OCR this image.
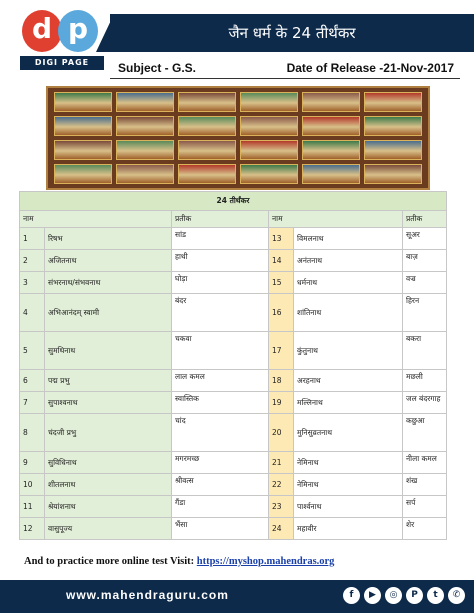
d p
DIGI PAGE
जैन धर्म के 24 तीर्थंकर
Subject - G.S.	Date of Release -21-Nov-2017
24 तीर्थंकर					
नाम		प्रतीक	नाम		प्रतीक
1	रिषभ	सांड	13	विमलनाथ	सूअर
2	अजितनाथ	हाथी	14	अनंतनाथ	बाज़
3	संभरनाथ/संभवनाथ	घोड़ा	15	धर्मनाथ	वज्र
4	अभिआनंदम् स्वामी	बंदर	16	शांतिनाथ	हिरन
5	सुमथिनाथ	चकवा	17	कुंतुनाथ	बकरा
6	पद्म प्रभु	लाल कमल	18	अरहनाथ	मछली
7	सुपाश्वनाथ	स्वास्तिक	19	मल्लिनाथ	जल बंदरगाह
8	चंदजी प्रभु	चांद	20	मुनिसुव्रतनाथ	कछुआ
9	सुविधिनाथ	मगरमच्छ	21	नेमिनाथ	नीला कमल
10	शीतलनाथ	श्रीवत्स	22	नेमिनाथ	शंख
11	श्रेयांशनाथ	गैंडा	23	पार्श्वनाथ	सर्प
12	वासुपूज्य	भैंसा	24	महावीर	शेर
And to practice more online test Visit: https://myshop.mahendras.org
www.mahendraguru.com	f	▶	◎	P	t	✆
